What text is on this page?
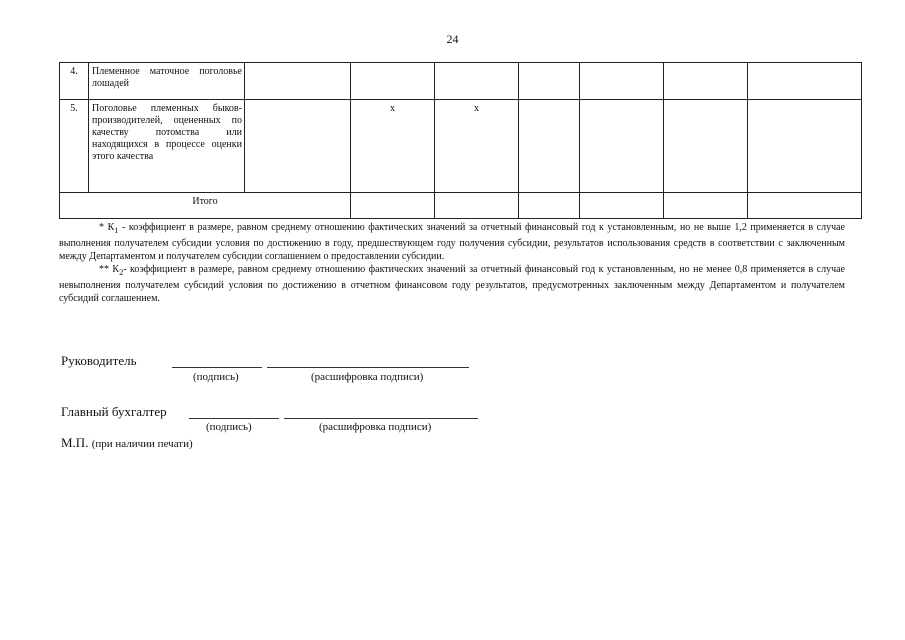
24
4.	Племенное маточное поголовье лошадей							
5.	Поголовье племенных быков-производителей, оцененных по качеству потомства или находящихся в процессе оценки этого качества		х	х				
Итого								

* $К_1$ - коэффициент в размере, равном среднему отношению фактических значений за отчетный финансовый год к установленным, но не выше 1,2 применяется в случае выполнения получателем субсидии условия по достижению в году, предшествующем году получения субсидии, результатов использования средств в соответствии с заключенным между Департаментом и получателем субсидии соглашением о предоставлении субсидии.

** $К_2-$ коэффициент в размере, равном среднему отношению фактических значений за отчетный финансовый год к установленным, но не менее 0,8 применяется в случае невыполнения получателем субсидий условия по достижению в отчетном финансовом году результатов, предусмотренных заключенным между Департаментом и получателем субсидий соглашением.

Руководитель
(подпись)	(расшифровка подписи)
Главный бухгалтер
(подпись)	(расшифровка подписи)
М.П. (при наличии печати)
